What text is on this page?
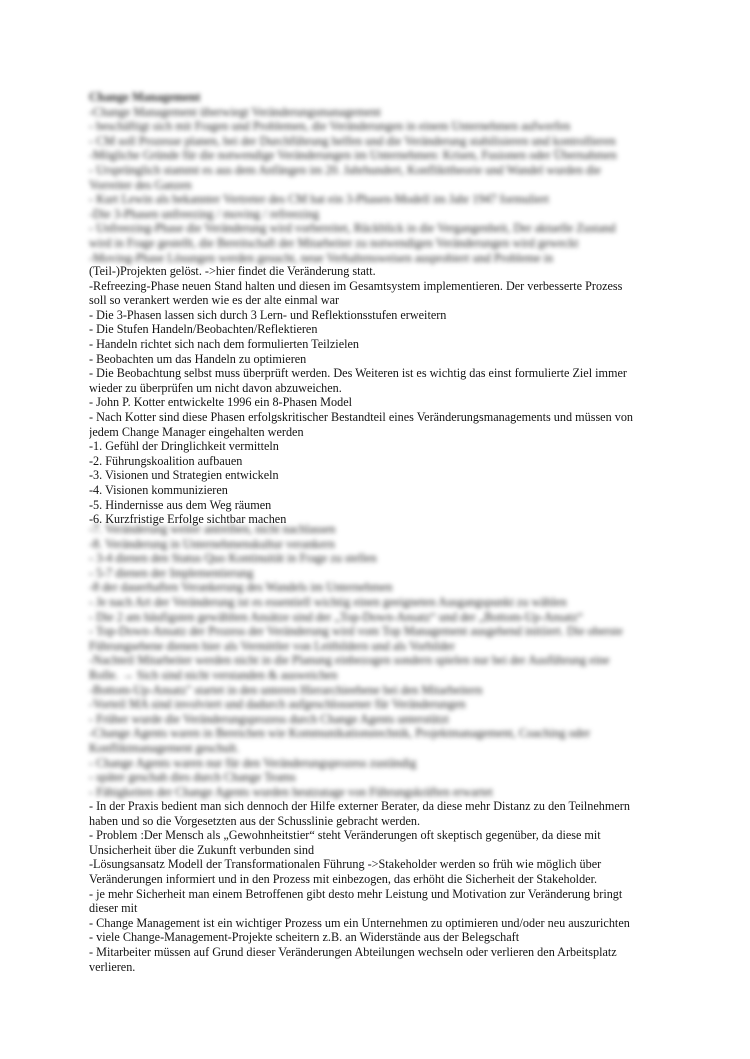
Change Management
-Change Management überwiegt Veränderungsmanagement
- beschäftigt sich mit Fragen und Problemen, die Veränderungen in einem Unternehmen aufwerfen
- CM soll Prozesse planen, bei der Durchführung helfen und die Veränderung stabilisieren und kontrollieren
-Mögliche Gründe für die notwendige Veränderungen im Unternehmen: Krisen, Fusionen oder Übernahmen
- Ursprünglich stammt es aus dem Anfängen im 20. Jahrhundert, Konflikttheorie und Wandel wurden die
Vorreiter des Ganzen
- Kurt Lewin als bekannter Vertreter des CM hat ein 3-Phasen-Modell im Jahr 1947 formuliert
-Die 3-Phasen unfreezing / moving / refreezing
- Unfreezing-Phase die Veränderung wird vorbereitet, Rückblick in die Vergangenheit, Der aktuelle Zustand
wird in Frage gestellt, die Bereitschaft der Mitarbeiter zu notwendigen Veränderungen wird geweckt
-Moving-Phase Lösungen werden gesucht, neue Verhaltensweisen ausprobiert und Probleme in
(Teil-)Projekten gelöst. ->hier findet die Veränderung statt.
-Refreezing-Phase neuen Stand halten und diesen im Gesamtsystem implementieren. Der verbesserte Prozess
soll so verankert werden wie es der alte einmal war
- Die 3-Phasen lassen sich durch 3 Lern- und Reflektionsstufen erweitern
- Die Stufen Handeln/Beobachten/Reflektieren
- Handeln richtet sich nach dem formulierten Teilzielen
- Beobachten um das Handeln zu optimieren
- Die Beobachtung selbst muss überprüft werden. Des Weiteren ist es wichtig das einst formulierte Ziel immer
wieder zu überprüfen um nicht davon abzuweichen.
- John P. Kotter entwickelte 1996 ein 8-Phasen Model
- Nach Kotter sind diese Phasen erfolgskritischer Bestandteil eines Veränderungsmanagements und müssen von
jedem Change Manager eingehalten werden
-1. Gefühl der Dringlichkeit vermitteln
-2. Führungskoalition aufbauen
-3. Visionen und Strategien entwickeln
-4. Visionen kommunizieren
-5. Hindernisse aus dem Weg räumen
-6. Kurzfristige Erfolge sichtbar machen
-7. Veränderung weiter antreiben, nicht nachlassen
-8. Veränderung in Unternehmenskultur verankern
- 3-4 dienen den Status Quo Kontinuität in Frage zu stellen
- 5-7 dienen der Implementierung
-8 der dauerhaften Verankerung des Wandels im Unternehmen
- Je nach Art der Veränderung ist es essentiell wichtig einen geeigneten Ausgangspunkt zu wählen
- Die 2 am häufigsten gewählten Ansätze sind der „Top-Down-Ansatz“ und der „Bottom-Up-Ansatz“
- Top-Down-Ansatz der Prozess der Veränderung wird vom Top Management ausgehend initiiert. Die oberste
Führungsebene dienen hier als Vermittler von Leitbildern und als Vorbilder
-Nachteil Mitarbeiter werden nicht in die Planung einbezogen sondern spielen nur bei der Ausführung eine
Rolle. → Sich sind nicht verstanden & ausweichen
-Bottom-Up-Ansatz" startet in den unteren Hierarchieebene bei den Mitarbeitern
-Vorteil MA sind involviert und dadurch aufgeschlossener für Veränderungen
- Früher wurde die Veränderungsprozess durch Change Agents unterstützt
-Change Agents waren in Bereichen wie Kommunikationstechnik, Projektmanagement, Coaching oder
Konfliktmanagement geschult.
- Change Agents waren nur für den Veränderungsprozess zuständig
- später geschah dies durch Change Teams
- Fähigkeiten der Change Agents wurden heutzutage von Führungskräften erwartet
- In der Praxis bedient man sich dennoch der Hilfe externer Berater, da diese mehr Distanz zu den Teilnehmern
haben und so die Vorgesetzten aus der Schusslinie gebracht werden.
- Problem :Der Mensch als „Gewohnheitstier“ steht Veränderungen oft skeptisch gegenüber, da diese mit
Unsicherheit über die Zukunft verbunden sind
-Lösungsansatz Modell der Transformationalen Führung ->Stakeholder werden so früh wie möglich über
Veränderungen informiert und in den Prozess mit einbezogen, das erhöht die Sicherheit der Stakeholder.
- je mehr Sicherheit man einem Betroffenen gibt desto mehr Leistung und Motivation zur Veränderung bringt
dieser mit
- Change Management ist ein wichtiger Prozess um ein Unternehmen zu optimieren und/oder neu auszurichten
- viele Change-Management-Projekte scheitern z.B. an Widerstände aus der Belegschaft
- Mitarbeiter müssen auf Grund dieser Veränderungen Abteilungen wechseln oder verlieren den Arbeitsplatz
verlieren.
